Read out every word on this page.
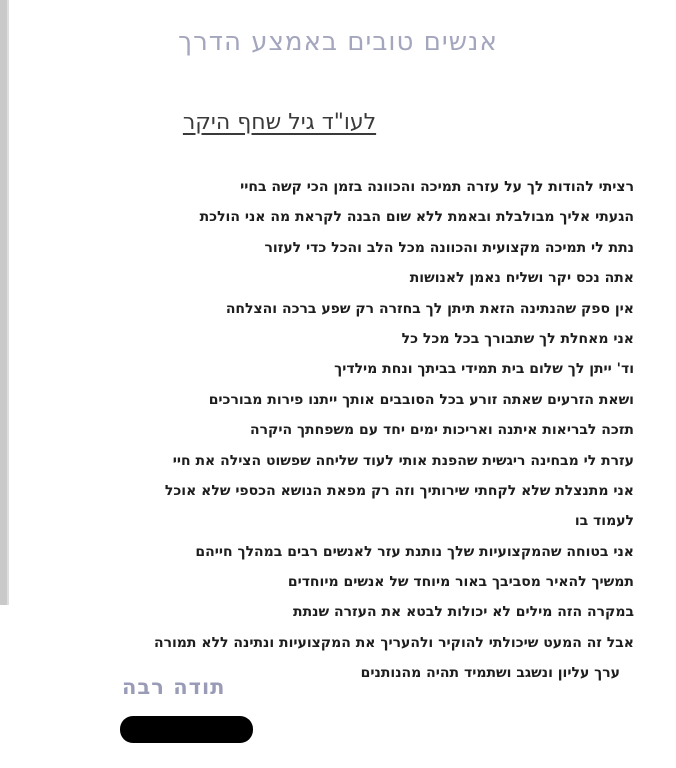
אנשים טובים באמצע הדרך
לעו"ד גיל שחף היקר
רציתי להודות לך על עזרה תמיכה והכוונה בזמן הכי קשה בחיי
הגעתי אליך מבולבלת ובאמת ללא שום הבנה לקראת מה אני הולכת
נתת לי תמיכה מקצועית והכוונה מכל הלב והכל כדי לעזור
אתה נכס יקר ושליח נאמן לאנושות
אין ספק שהנתינה הזאת תיתן לך בחזרה רק שפע ברכה והצלחה
אני מאחלת לך שתבורך בכל מכל כל
וד' ייתן לך שלום בית תמידי בביתך ונחת מילדיך
ושאת הזרעים שאתה זורע בכל הסובבים אותך ייתנו פירות מבורכים
תזכה לבריאות איתנה ואריכות ימים יחד עם משפחתך היקרה
עזרת לי מבחינה ריגשית שהפנת אותי לעוד שליחה שפשוט הצילה את חיי
אני מתנצלת שלא לקחתי שירותיך וזה רק מפאת הנושא הכספי שלא אוכל
לעמוד בו
אני בטוחה שהמקצועיות שלך נותנת עזר לאנשים רבים במהלך חייהם
תמשיך להאיר מסביבך באור מיוחד של אנשים מיוחדים
במקרה הזה מילים לא יכולות לבטא את העזרה שנתת
אבל זה המעט שיכולתי להוקיר ולהעריך את המקצועיות ונתינה ללא תמורה
ערך עליון ונשגב ושתמיד תהיה מהנותנים
תודה רבה
